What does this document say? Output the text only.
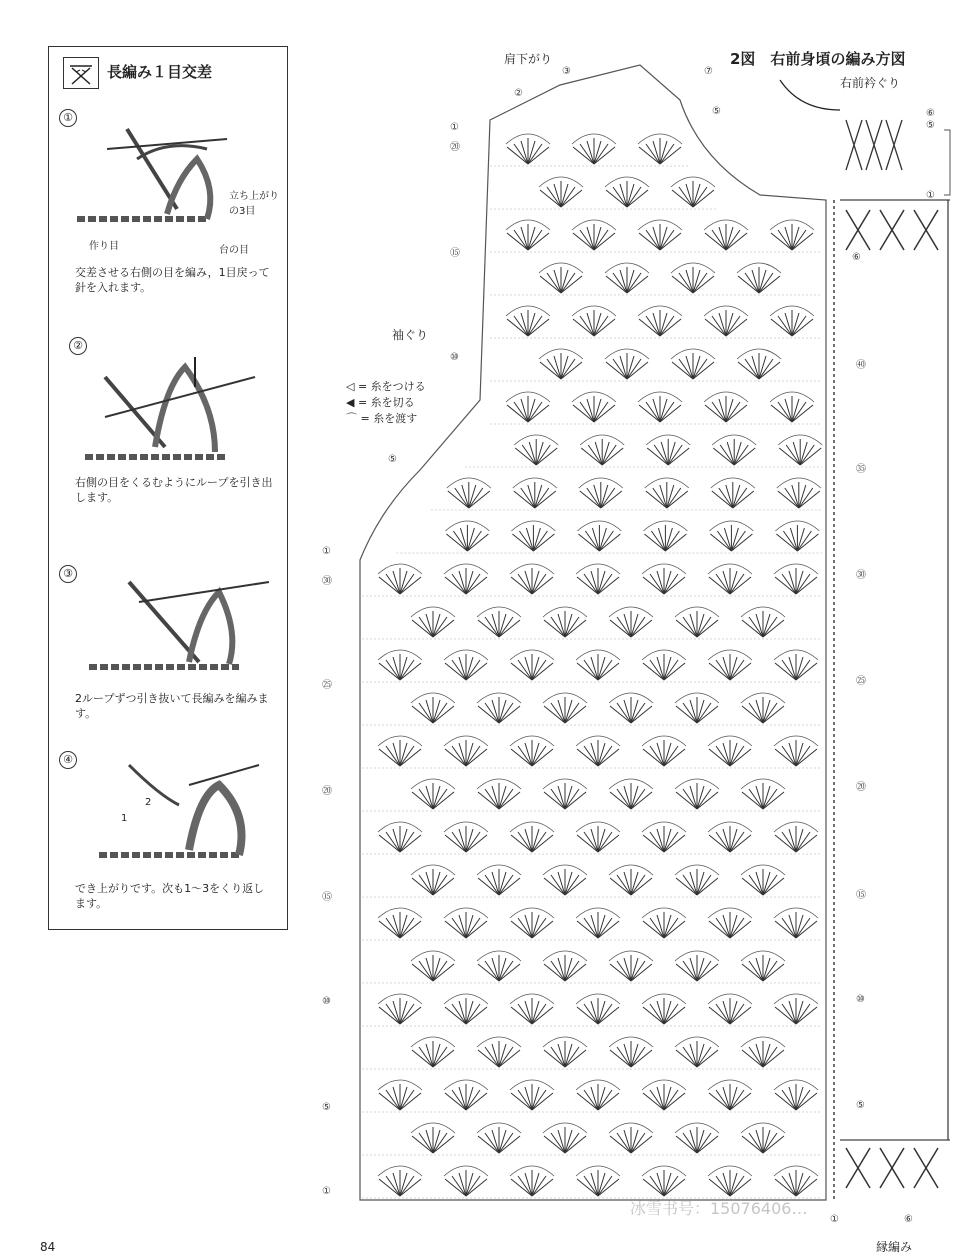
長編み１目交差
①
立ち上がりの3目
作り目	台の目
交差させる右側の目を編み，1目戻って針を入れます。
②
右側の目をくるむようにループを引き出します。
③
2ループずつ引き抜いて長編みを編みます。
④
2
1
でき上がりです。次も1～3をくり返します。
肩下がり	2図　右前身頃の編み方図
右前衿ぐり
袖ぐり
縁編み
◁ = 糸をつける
◀ = 糸を切る
⌒ = 糸を渡す
③
②
①
⑳
⑦
⑤
⑮
⑩
⑤
①
㉚
㉕
⑳
⑮
⑩
⑤
①
㊵
㉟
㉚
㉕
⑳
⑮
⑩
⑤
⑥
⑤
①
⑥
①	⑥
84
冰雪书号：15076406…
